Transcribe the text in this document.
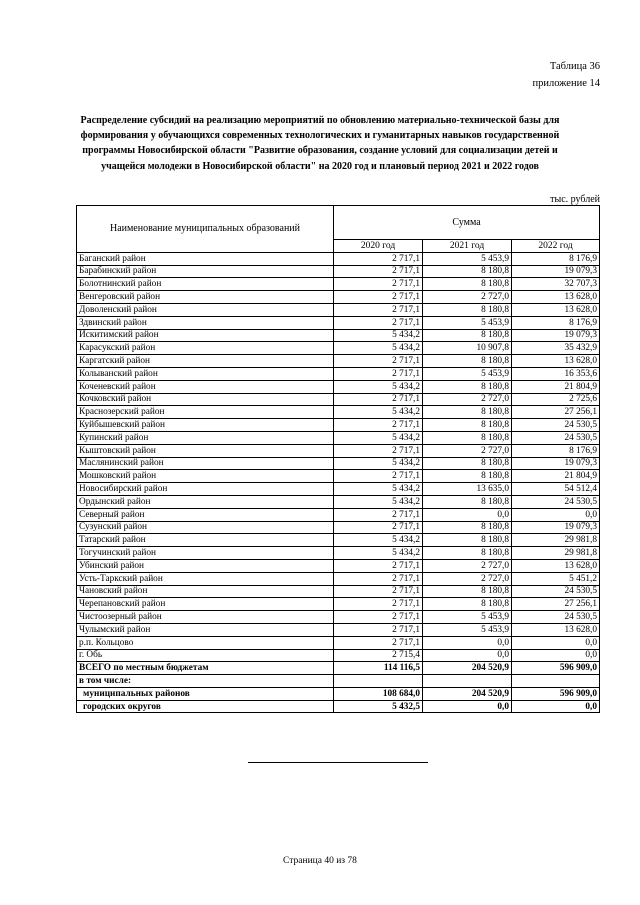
Таблица 36
приложение 14
Распределение субсидий на реализацию мероприятий по обновлению материально-технической базы для формирования у обучающихся современных технологических и гуманитарных навыков государственной программы Новосибирской области "Развитие образования, создание условий для социализации детей и учащейся молодежи в Новосибирской области" на 2020 год и плановый период 2021 и 2022 годов
тыс. рублей
Наименование муниципальных образований	Сумма		
	2020 год	2021 год	2022 год
Баганский район	2 717,1	5 453,9	8 176,9
Барабинский район	2 717,1	8 180,8	19 079,3
Болотнинский район	2 717,1	8 180,8	32 707,3
Венгеровский район	2 717,1	2 727,0	13 628,0
Доволенский район	2 717,1	8 180,8	13 628,0
Здвинский район	2 717,1	5 453,9	8 176,9
Искитимский район	5 434,2	8 180,8	19 079,3
Карасукский район	5 434,2	10 907,8	35 432,9
Каргатский район	2 717,1	8 180,8	13 628,0
Колыванский район	2 717,1	5 453,9	16 353,6
Коченевский район	5 434,2	8 180,8	21 804,9
Кочковский район	2 717,1	2 727,0	2 725,6
Краснозерский район	5 434,2	8 180,8	27 256,1
Куйбышевский район	2 717,1	8 180,8	24 530,5
Купинский район	5 434,2	8 180,8	24 530,5
Кыштовский район	2 717,1	2 727,0	8 176,9
Маслянинский район	5 434,2	8 180,8	19 079,3
Мошковский район	2 717,1	8 180,8	21 804,9
Новосибирский район	5 434,2	13 635,0	54 512,4
Ордынский район	5 434,2	8 180,8	24 530,5
Северный район	2 717,1	0,0	0,0
Сузунский район	2 717,1	8 180,8	19 079,3
Татарский район	5 434,2	8 180,8	29 981,8
Тогучинский район	5 434,2	8 180,8	29 981,8
Убинский район	2 717,1	2 727,0	13 628,0
Усть-Таркский район	2 717,1	2 727,0	5 451,2
Чановский район	2 717,1	8 180,8	24 530,5
Черепановский район	2 717,1	8 180,8	27 256,1
Чистоозерный район	2 717,1	5 453,9	24 530,5
Чулымский район	2 717,1	5 453,9	13 628,0
р.п. Кольцово	2 717,1	0,0	0,0
г. Обь	2 715,4	0,0	0,0
ВСЕГО по местным бюджетам	114 116,5	204 520,9	596 909,0
в том числе:			
муниципальных районов	108 684,0	204 520,9	596 909,0
городских округов	5 432,5	0,0	0,0
Страница 40 из 78
